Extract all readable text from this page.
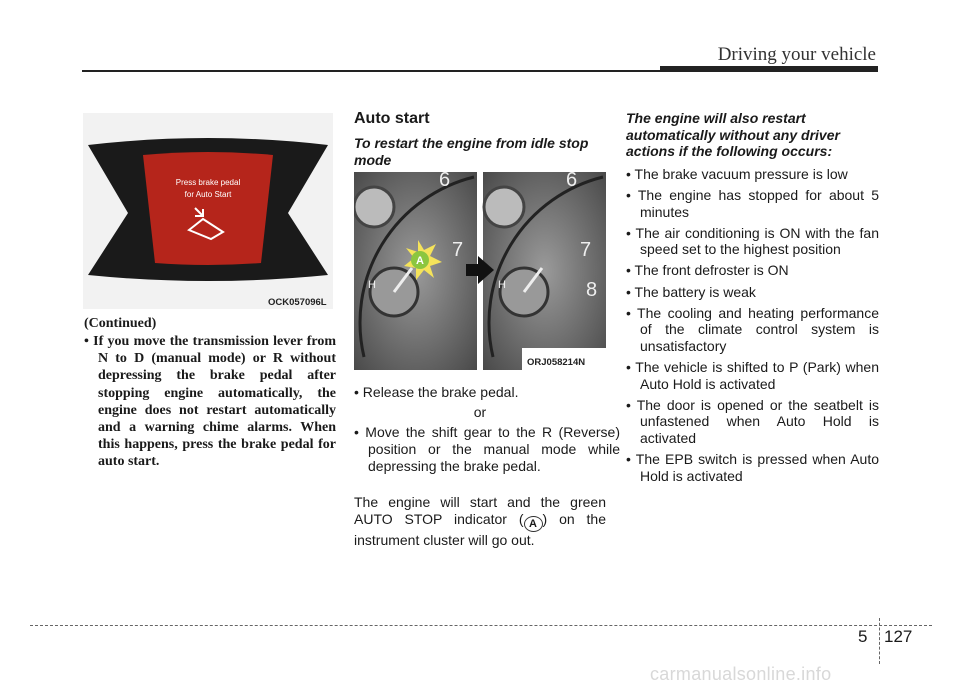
Driving your vehicle
Press brake pedal
for Auto Start
OCK057096L
(Continued)
• If you move the transmission lever from N to D (manual mode) or R without depressing the brake pedal after stopping engine automatically, the engine does not restart automatically and a warning chime alarms. When this happens, press the brake pedal for auto start.
Auto start
To restart the engine from idle stop mode
6
7
H
A
6
7
8
H
ORJ058214N
• Release the brake pedal.
or
• Move the shift gear to the R (Reverse) position or the manual mode while depressing the brake pedal.
The engine will start and the green AUTO STOP indicator ( A ) on the instrument cluster will go out.
The engine will also restart automatically without any driver actions if the following occurs:
• The brake vacuum pressure is low
• The engine has stopped for about 5 minutes
• The air conditioning is ON with the fan speed set to the highest position
• The front defroster is ON
• The battery is weak
• The cooling and heating performance of the climate control system is unsatisfactory
• The vehicle is shifted to P (Park) when Auto Hold is activated
• The door is opened or the seatbelt is unfastened when Auto Hold is activated
• The EPB switch is pressed when Auto Hold is activated
5 127
carmanualsonline.info
